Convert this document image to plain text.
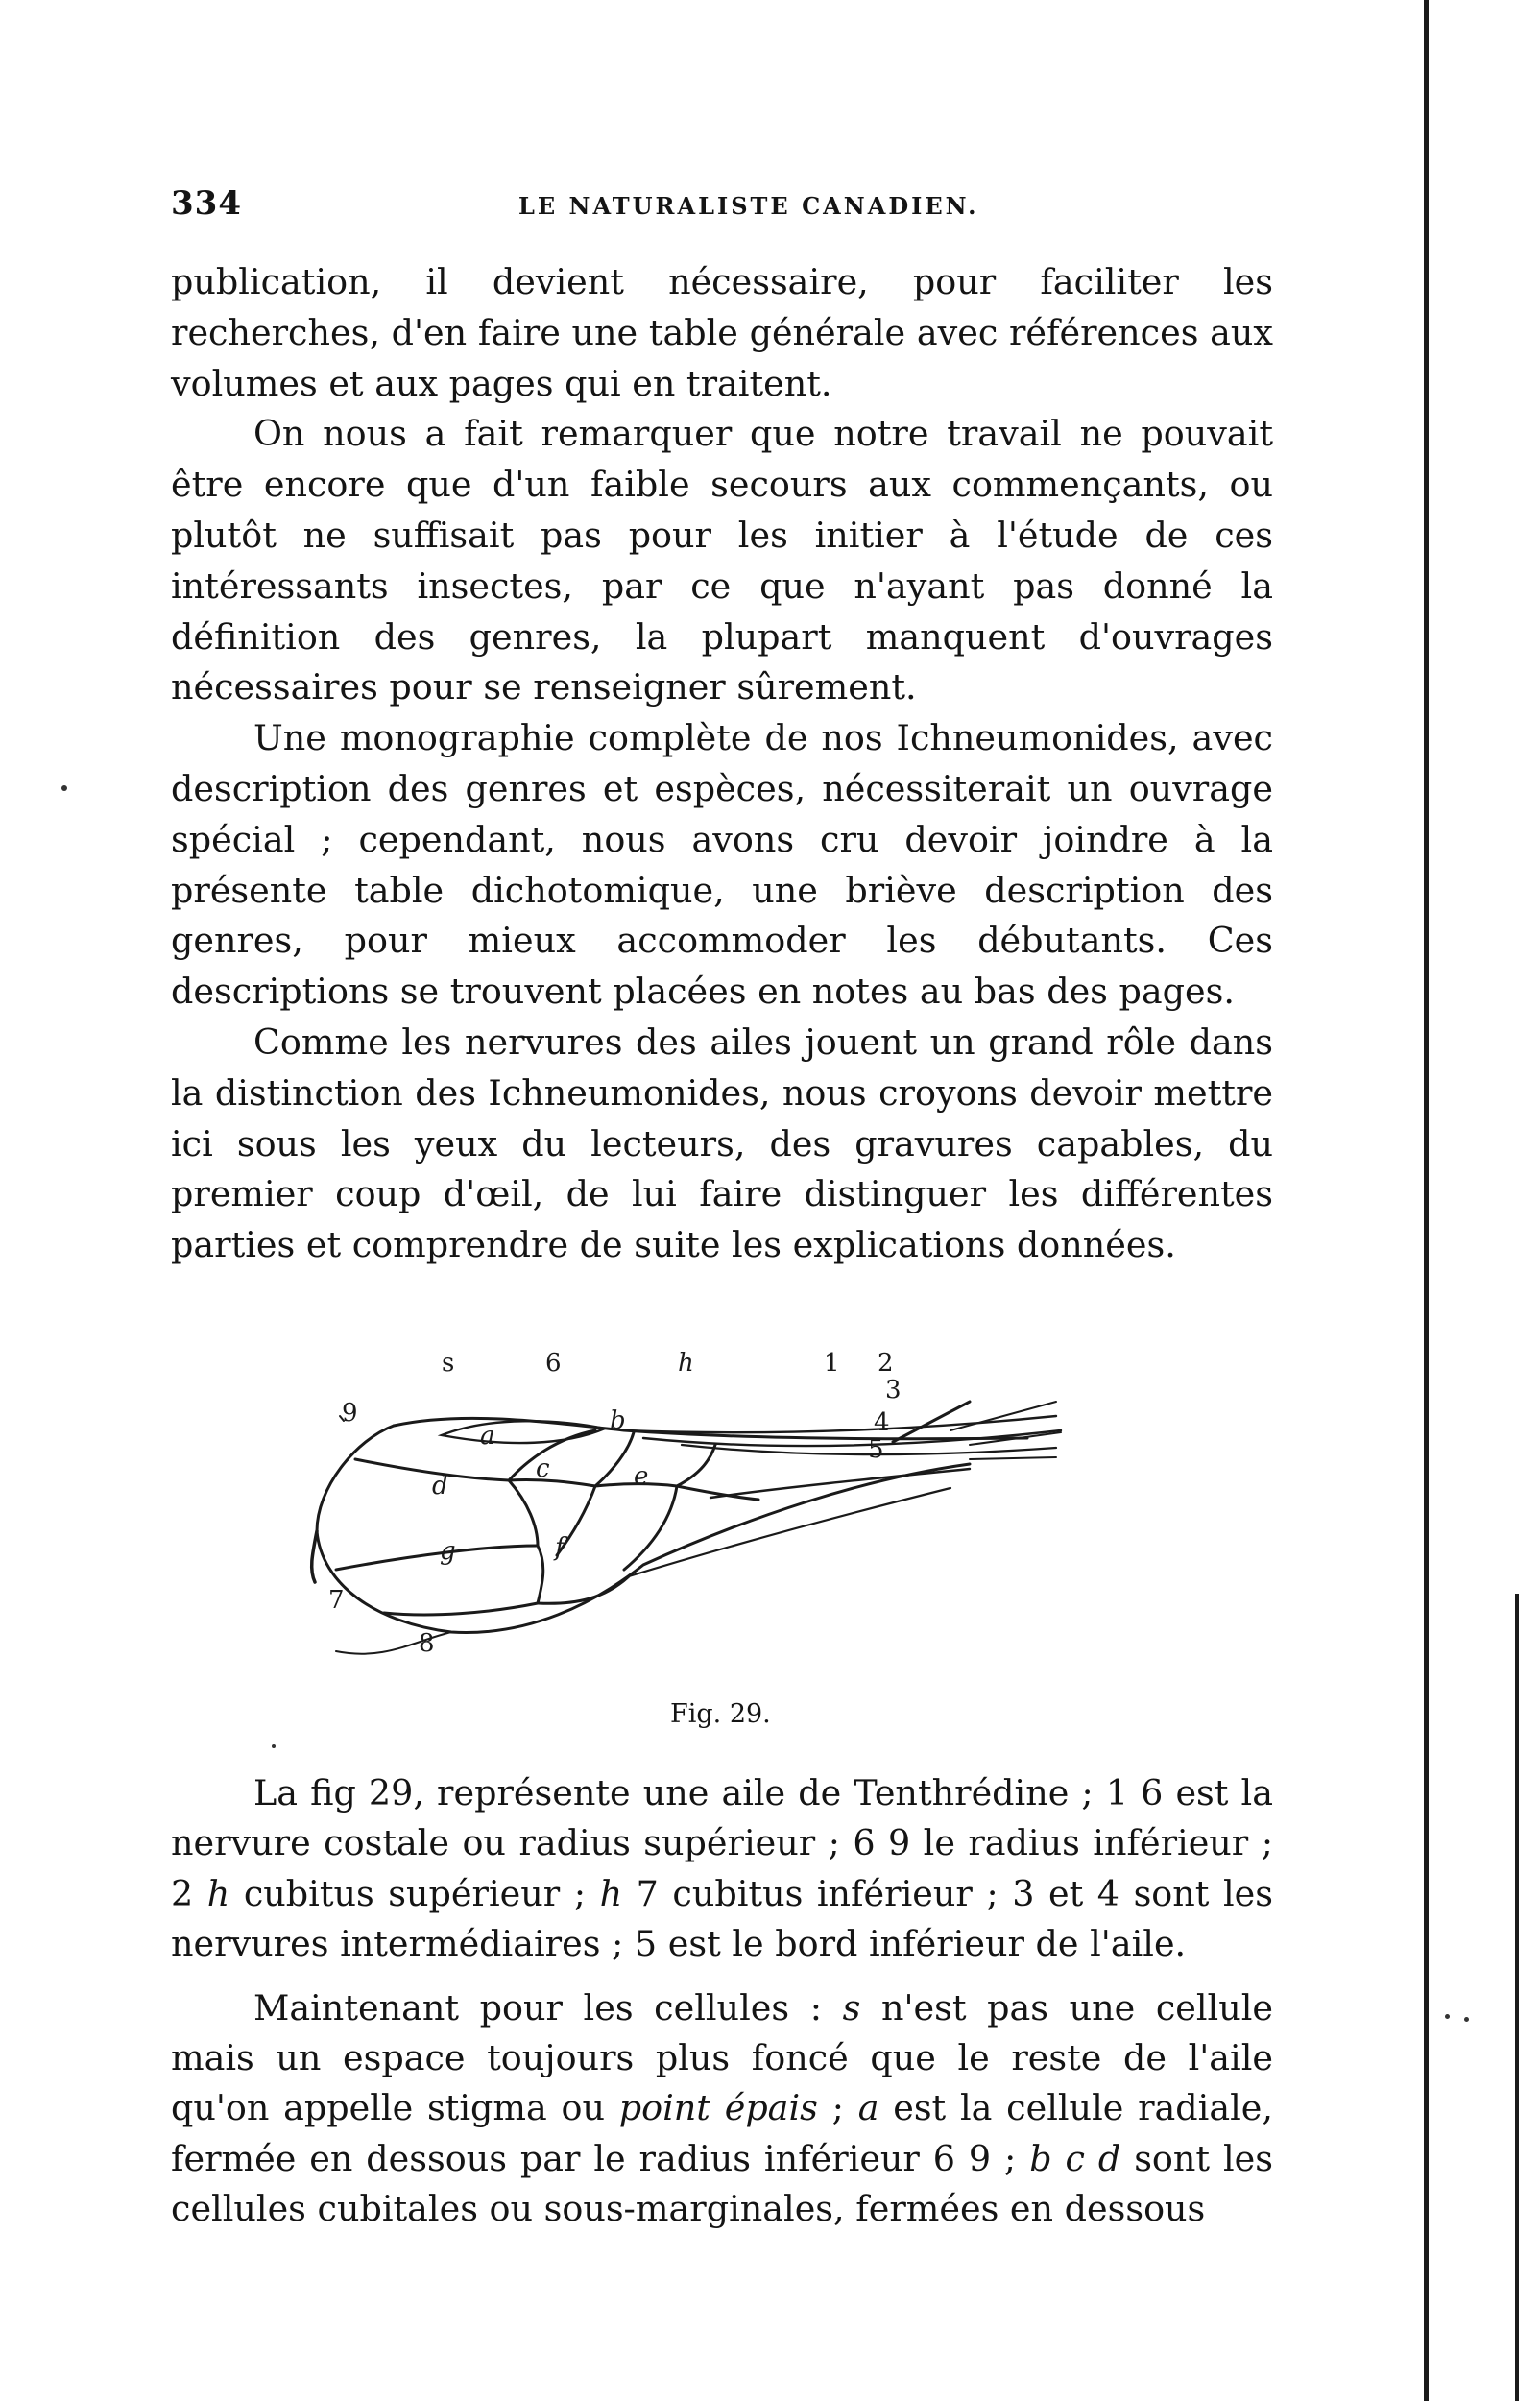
334	LE NATURALISTE CANADIEN.

publication, il devient nécessaire, pour faciliter les recherches, d'en faire une table générale avec références aux volumes et aux pages qui en traitent.

On nous a fait remarquer que notre travail ne pouvait être encore que d'un faible secours aux commençants, ou plutôt ne suffisait pas pour les initier à l'étude de ces intéressants insectes, par ce que n'ayant pas donné la définition des genres, la plupart manquent d'ouvrages nécessaires pour se renseigner sûrement.

Une monographie complète de nos Ichneumonides, avec description des genres et espèces, nécessiterait un ouvrage spécial ; cependant, nous avons cru devoir joindre à la présente table dichotomique, une briève description des genres, pour mieux accommoder les débutants. Ces descriptions se trouvent placées en notes au bas des pages.

Comme les nervures des ailes jouent un grand rôle dans la distinction des Ichneumonides, nous croyons devoir mettre ici sous les yeux du lecteurs, des gravures capables, du premier coup d'œil, de lui faire distinguer les différentes parties et comprendre de suite les explications données.

9
s	6	h	1 2
3
4
5
a
b
c
d	e
f
g
7
8
Fig. 29.

La fig 29, représente une aile de Tenthrédine ; 1 6 est la nervure costale ou radius supérieur ; 6 9 le radius inférieur ; 2 h cubitus supérieur ; h 7 cubitus inférieur ; 3 et 4 sont les nervures intermédiaires ; 5 est le bord inférieur de l'aile.

Maintenant pour les cellules : s n'est pas une cellule mais un espace toujours plus foncé que le reste de l'aile qu'on appelle stigma ou point épais ; a est la cellule radiale, fermée en dessous par le radius inférieur 6 9 ; b c d sont les cellules cubitales ou sous-marginales, fermées en dessous
